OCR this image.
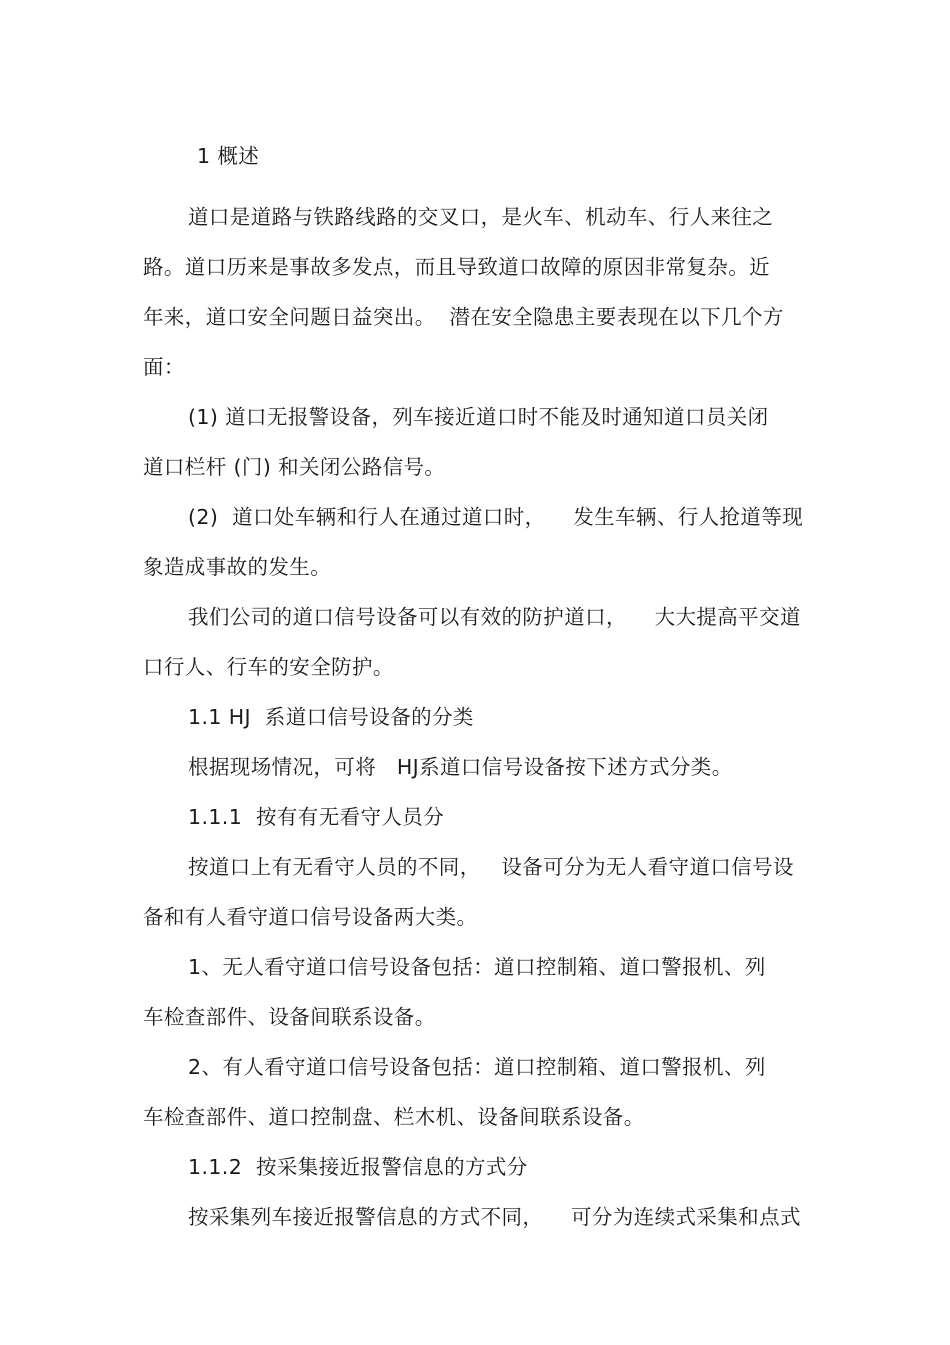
1 概述
道口是道路与铁路线路的交叉口，是火车、机动车、行人来往之
路。道口历来是事故多发点，而且导致道口故障的原因非常复杂。近
年来，道口安全问题日益突出。  潜在安全隐患主要表现在以下几个方
面：
(1) 道口无报警设备，列车接近道口时不能及时通知道口员关闭
道口栏杆 (门) 和关闭公路信号。
(2)  道口处车辆和行人在通过道口时，    发生车辆、行人抢道等现
象造成事故的发生。
我们公司的道口信号设备可以有效的防护道口，    大大提高平交道
口行人、行车的安全防护。
1.1 HJ  系道口信号设备的分类
根据现场情况，可将   HJ系道口信号设备按下述方式分类。
1.1.1  按有有无看守人员分
按道口上有无看守人员的不同，   设备可分为无人看守道口信号设
备和有人看守道口信号设备两大类。
1、无人看守道口信号设备包括：道口控制箱、道口警报机、列
车检查部件、设备间联系设备。
2、有人看守道口信号设备包括：道口控制箱、道口警报机、列
车检查部件、道口控制盘、栏木机、设备间联系设备。
1.1.2  按采集接近报警信息的方式分
按采集列车接近报警信息的方式不同，    可分为连续式采集和点式
